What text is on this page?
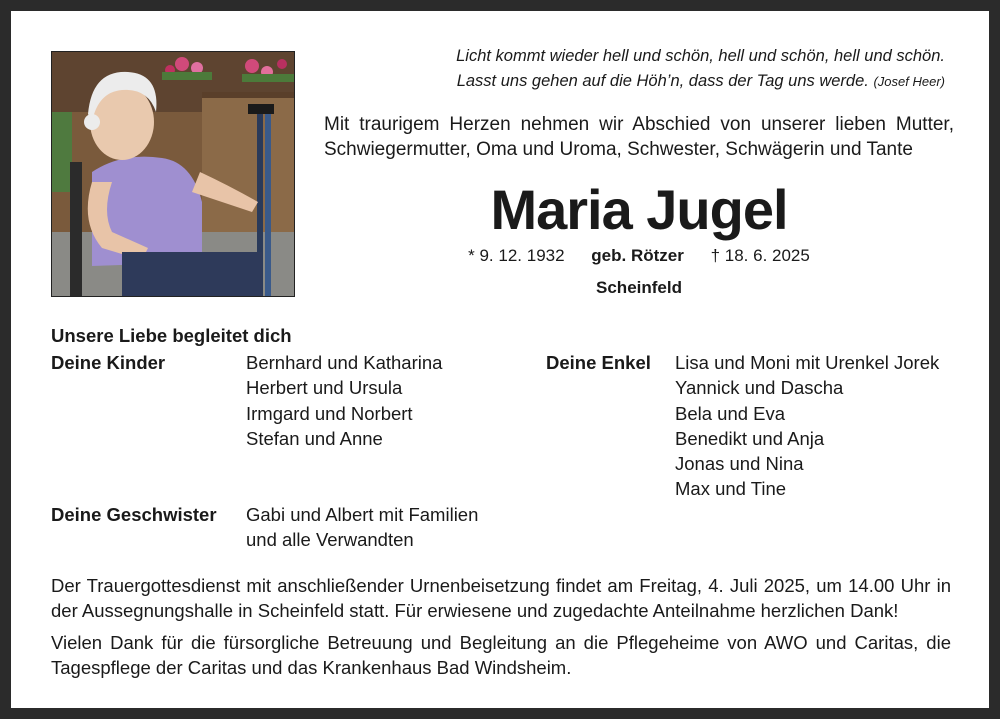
Licht kommt wieder hell und schön, hell und schön, hell und schön.
Lasst uns gehen auf die Höh’n, dass der Tag uns werde. (Josef Heer)
Mit traurigem Herzen nehmen wir Abschied von unserer lieben Mutter,
Schwiegermutter, Oma und Uroma, Schwester, Schwägerin und Tante
Maria Jugel
* 9. 12. 1932 geb. Rötzer † 18. 6. 2025
Scheinfeld
Unsere Liebe begleitet dich
Deine Kinder	Bernhard und Katharina
Herbert und Ursula
Irmgard und Norbert
Stefan und Anne
Deine Enkel Lisa und Moni mit Urenkel Jorek
Yannick und Dascha
Bela und Eva
Benedikt und Anja
Jonas und Nina
Max und Tine
Deine Geschwister Gabi und Albert mit Familien
und alle Verwandten
Der Trauergottesdienst mit anschließender Urnenbeisetzung findet am Freitag, 4. Juli 2025, um 14.00 Uhr in der Aussegnungshalle in Scheinfeld statt. Für erwiesene und zugedachte Anteilnahme herzlichen Dank!
Vielen Dank für die fürsorgliche Betreuung und Begleitung an die Pflegeheime von AWO und Caritas, die Tagespflege der Caritas und das Krankenhaus Bad Windsheim.
